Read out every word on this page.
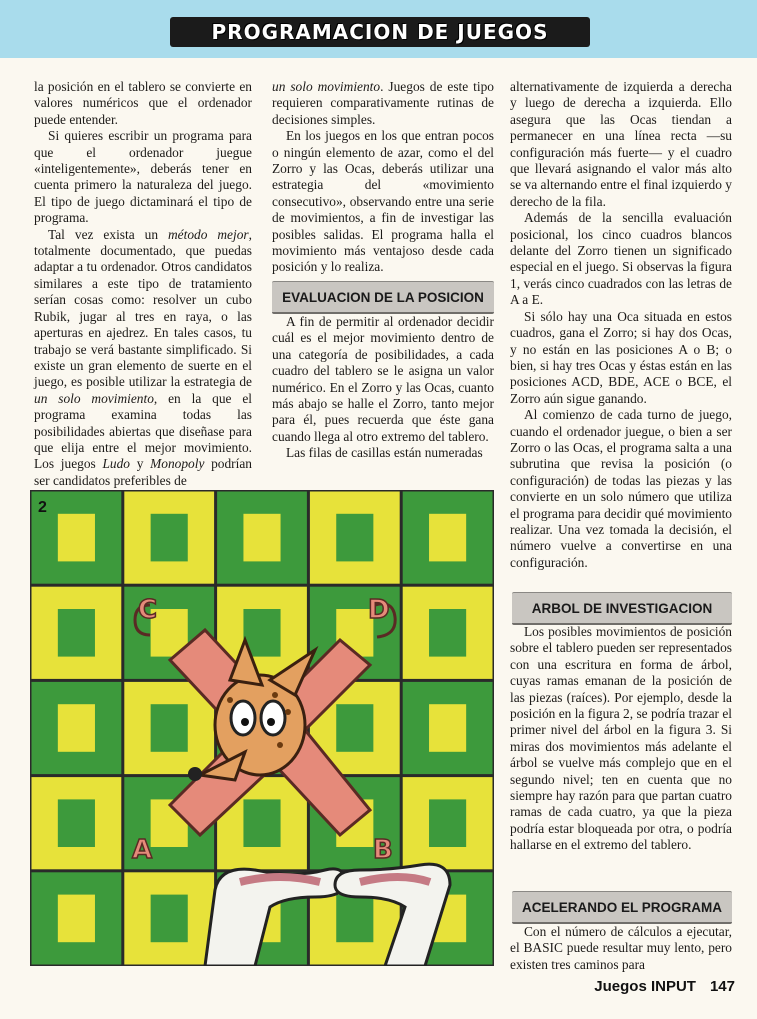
PROGRAMACION DE JUEGOS

la posición en el tablero se convierte en valores numéricos que el ordenador puede entender.

Si quieres escribir un programa para que el ordenador juegue «inteligentemente», deberás tener en cuenta primero la naturaleza del juego. El tipo de juego dictaminará el tipo de programa.

Tal vez exista un método mejor, totalmente documentado, que puedas adaptar a tu ordenador. Otros candidatos similares a este tipo de tratamiento serían cosas como: resolver un cubo Rubik, jugar al tres en raya, o las aperturas en ajedrez. En tales casos, tu trabajo se verá bastante simplificado. Si existe un gran elemento de suerte en el juego, es posible utilizar la estrategia de un solo movimiento, en la que el programa examina todas las posibilidades abiertas que diseñase para que elija entre el mejor movimiento. Los juegos Ludo y Monopoly podrían ser candidatos preferibles de

un solo movimiento. Juegos de este tipo requieren comparativamente rutinas de decisiones simples.

En los juegos en los que entran pocos o ningún elemento de azar, como el del Zorro y las Ocas, deberás utilizar una estrategia del «movimiento consecutivo», observando entre una serie de movimientos, a fin de investigar las posibles salidas. El programa halla el movimiento más ventajoso desde cada posición y lo realiza.

EVALUACION DE LA POSICION

A fin de permitir al ordenador decidir cuál es el mejor movimiento dentro de una categoría de posibilidades, a cada cuadro del tablero se le asigna un valor numérico. En el Zorro y las Ocas, cuanto más abajo se halle el Zorro, tanto mejor para él, pues recuerda que éste gana cuando llega al otro extremo del tablero.

Las filas de casillas están numeradas

alternativamente de izquierda a derecha y luego de derecha a izquierda. Ello asegura que las Ocas tiendan a permanecer en una línea recta —su configuración más fuerte— y el cuadro que llevará asignando el valor más alto se va alternando entre el final izquierdo y derecho de la fila.

Además de la sencilla evaluación posicional, los cinco cuadros blancos delante del Zorro tienen un significado especial en el juego. Si observas la figura 1, verás cinco cuadrados con las letras de A a E.

Si sólo hay una Oca situada en estos cuadros, gana el Zorro; si hay dos Ocas, y no están en las posiciones A o B; o bien, si hay tres Ocas y éstas están en las posiciones ACD, BDE, ACE o BCE, el Zorro aún sigue ganando.

Al comienzo de cada turno de juego, cuando el ordenador juegue, o bien a ser Zorro o las Ocas, el programa salta a una subrutina que revisa la posición (o configuración) de todas las piezas y las convierte en un solo número que utiliza el programa para decidir qué movimiento realizar. Una vez tomada la decisión, el número vuelve a convertirse en una configuración.

ARBOL DE INVESTIGACION

Los posibles movimientos de posición sobre el tablero pueden ser representados con una escritura en forma de árbol, cuyas ramas emanan de la posición de las piezas (raíces). Por ejemplo, desde la posición en la figura 2, se podría trazar el primer nivel del árbol en la figura 3. Si miras dos movimientos más adelante el árbol se vuelve más complejo que en el segundo nivel; ten en cuenta que no siempre hay razón para que partan cuatro ramas de cada cuatro, ya que la pieza podría estar bloqueada por otra, o podría hallarse en el extremo del tablero.

ACELERANDO EL PROGRAMA

Con el número de cálculos a ejecutar, el BASIC puede resultar muy lento, pero existen tres caminos para

2
C	D
A	B
Juegos INPUT 147
